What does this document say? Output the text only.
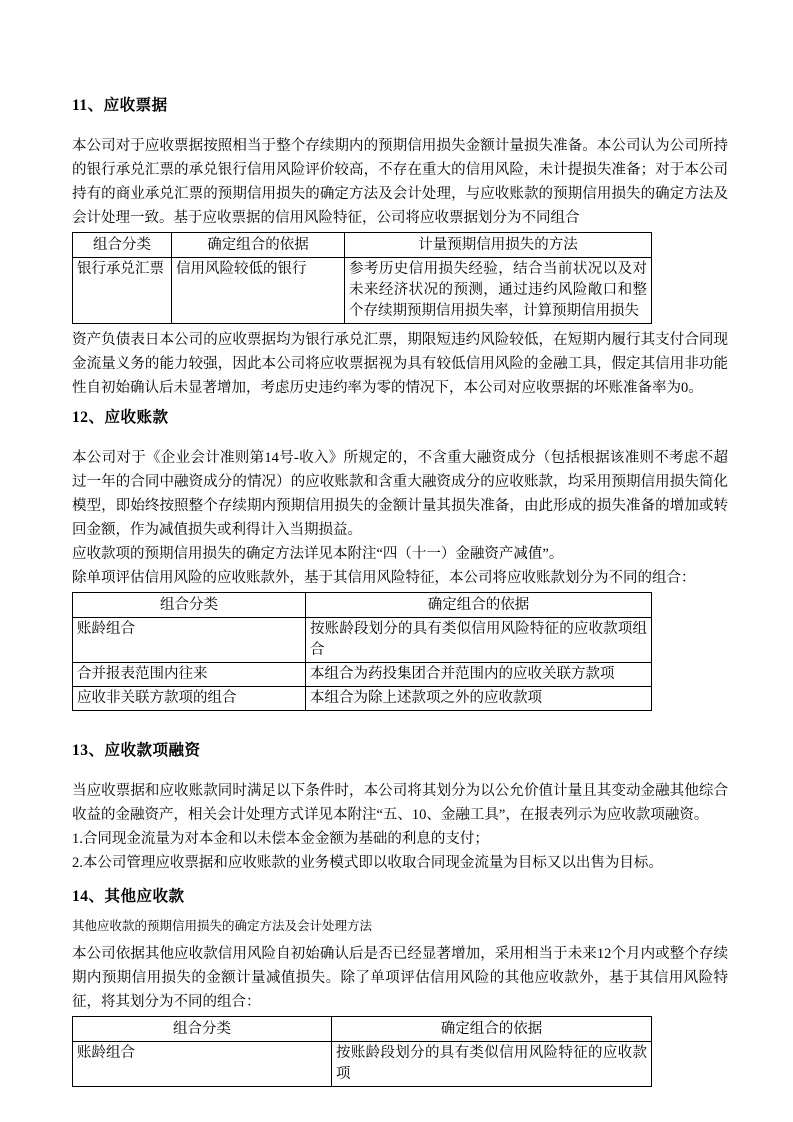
11、应收票据

本公司对于应收票据按照相当于整个存续期内的预期信用损失金额计量损失准备。本公司认为公司所持的银行承兑汇票的承兑银行信用风险评价较高，不存在重大的信用风险，未计提损失准备；对于本公司持有的商业承兑汇票的预期信用损失的确定方法及会计处理，与应收账款的预期信用损失的确定方法及会计处理一致。基于应收票据的信用风险特征，公司将应收票据划分为不同组合

组合分类	确定组合的依据	计量预期信用损失的方法
银行承兑汇票	信用风险较低的银行	参考历史信用损失经验，结合当前状况以及对未来经济状况的预测，通过违约风险敞口和整个存续期预期信用损失率，计算预期信用损失

资产负债表日本公司的应收票据均为银行承兑汇票，期限短违约风险较低，在短期内履行其支付合同现金流量义务的能力较强，因此本公司将应收票据视为具有较低信用风险的金融工具，假定其信用非功能性自初始确认后未显著增加，考虑历史违约率为零的情况下，本公司对应收票据的坏账准备率为0。

12、应收账款

本公司对于《企业会计准则第14号-收入》所规定的，不含重大融资成分（包括根据该准则不考虑不超过一年的合同中融资成分的情况）的应收账款和含重大融资成分的应收账款，均采用预期信用损失简化模型，即始终按照整个存续期内预期信用损失的金额计量其损失准备，由此形成的损失准备的增加或转回金额，作为减值损失或利得计入当期损益。

应收款项的预期信用损失的确定方法详见本附注“四（十一）金融资产减值”。

除单项评估信用风险的应收账款外，基于其信用风险特征，本公司将应收账款划分为不同的组合：

组合分类	确定组合的依据
账龄组合	按账龄段划分的具有类似信用风险特征的应收款项组合
合并报表范围内往来	本组合为药投集团合并范围内的应收关联方款项
应收非关联方款项的组合	本组合为除上述款项之外的应收款项
13、应收款项融资

当应收票据和应收账款同时满足以下条件时，本公司将其划分为以公允价值计量且其变动金融其他综合收益的金融资产，相关会计处理方式详见本附注“五、10、金融工具”，在报表列示为应收款项融资。

1.合同现金流量为对本金和以未偿本金金额为基础的利息的支付；

2.本公司管理应收票据和应收账款的业务模式即以收取合同现金流量为目标又以出售为目标。

14、其他应收款

其他应收款的预期信用损失的确定方法及会计处理方法

本公司依据其他应收款信用风险自初始确认后是否已经显著增加，采用相当于未来12个月内或整个存续期内预期信用损失的金额计量减值损失。除了单项评估信用风险的其他应收款外，基于其信用风险特征，将其划分为不同的组合：

组合分类	确定组合的依据
账龄组合	按账龄段划分的具有类似信用风险特征的应收款项
